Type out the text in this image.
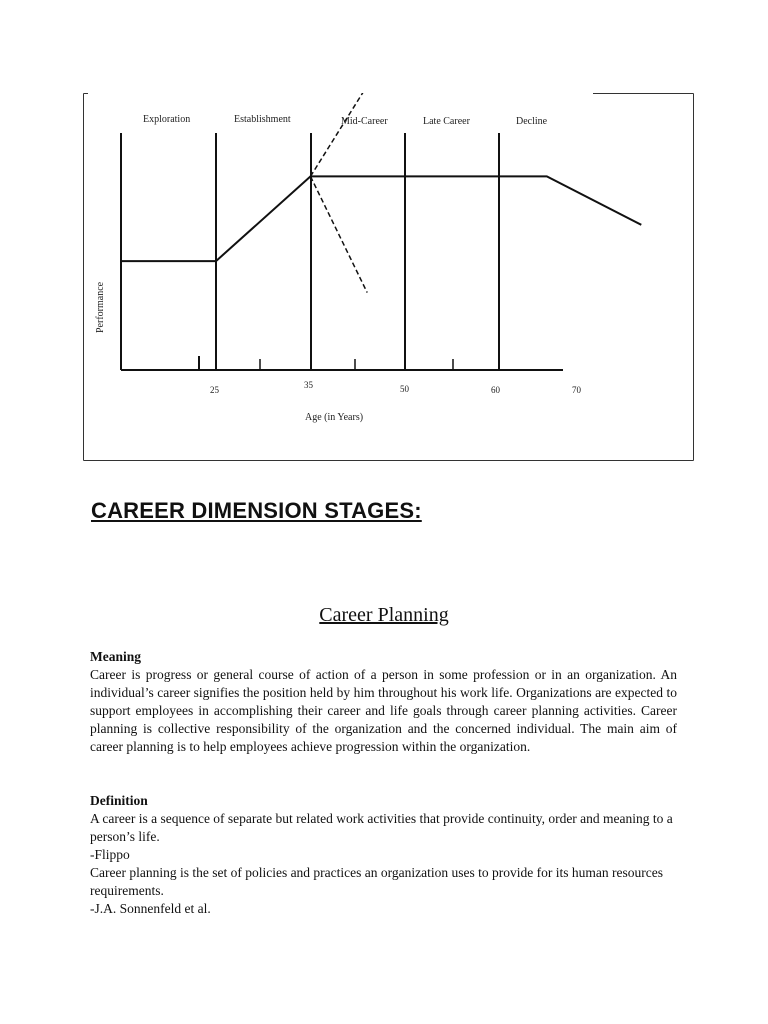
Exploration	Establishment	Mid-Career	Late Career	Decline
25	35	50	60	70
Age (in Years)
Performance
CAREER DIMENSION STAGES:
Career Planning
Meaning
Career is progress or general course of action of a person in some profession or in an organization. An individual’s career signifies the position held by him throughout his work life. Organizations are expected to support employees in accomplishing their career and life goals through career planning activities. Career planning is collective responsibility of the organization and the concerned individual. The main aim of career planning is to help employees achieve progression within the organization.
Definition
A career is a sequence of separate but related work activities that provide continuity, order and meaning to a person’s life.
-Flippo
Career planning is the set of policies and practices an organization uses to provide for its human resources requirements.
-J.A. Sonnenfeld et al.
